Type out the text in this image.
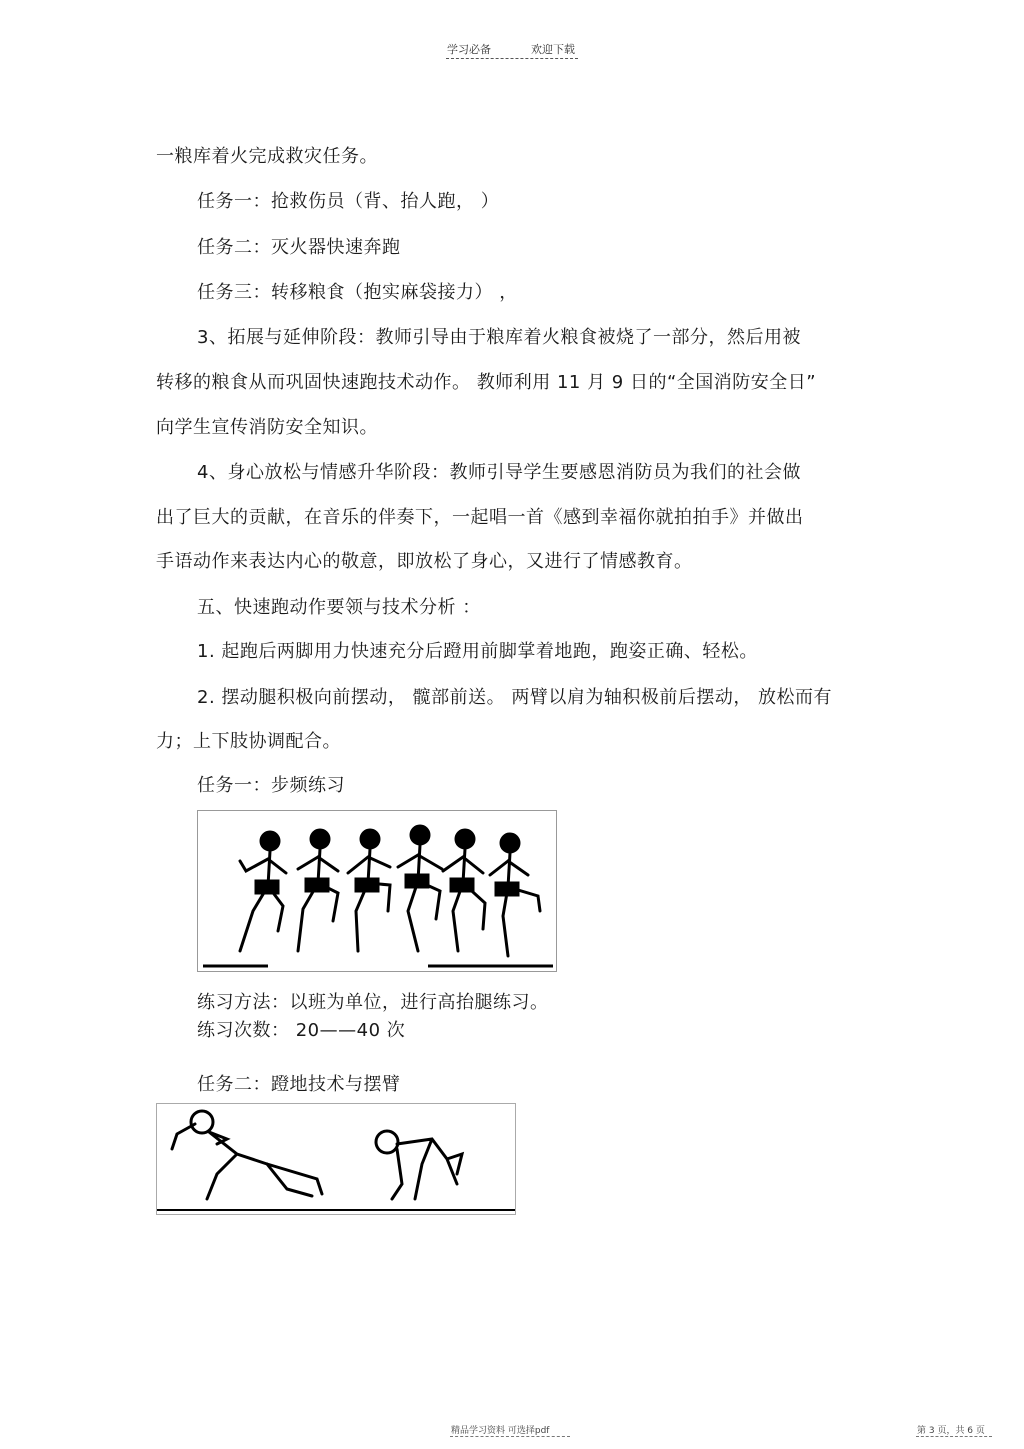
学习必备	欢迎下载
一粮库着火完成救灾任务。
任务一：抢救伤员（背、抬人跑， ）
任务二：灭火器快速奔跑
任务三：转移粮食（抱实麻袋接力） ，
3、拓展与延伸阶段：教师引导由于粮库着火粮食被烧了一部分，然后用被
转移的粮食从而巩固快速跑技术动作。 教师利用 11 月 9 日的“全国消防安全日”
向学生宣传消防安全知识。
4、身心放松与情感升华阶段：教师引导学生要感恩消防员为我们的社会做
出了巨大的贡献，在音乐的伴奏下，一起唱一首《感到幸福你就拍拍手》并做出
手语动作来表达内心的敬意，即放松了身心，又进行了情感教育。
五、快速跑动作要领与技术分析 ：
1. 起跑后两脚用力快速充分后蹬用前脚掌着地跑，跑姿正确、轻松。
2. 摆动腿积极向前摆动， 髋部前送。 两臂以肩为轴积极前后摆动， 放松而有
力；上下肢协调配合。
任务一：步频练习
练习方法：以班为单位，进行高抬腿练习。
练习次数： 20——40 次
任务二：蹬地技术与摆臂
精品学习资料 可选择pdf	第 3 页，共 6 页
